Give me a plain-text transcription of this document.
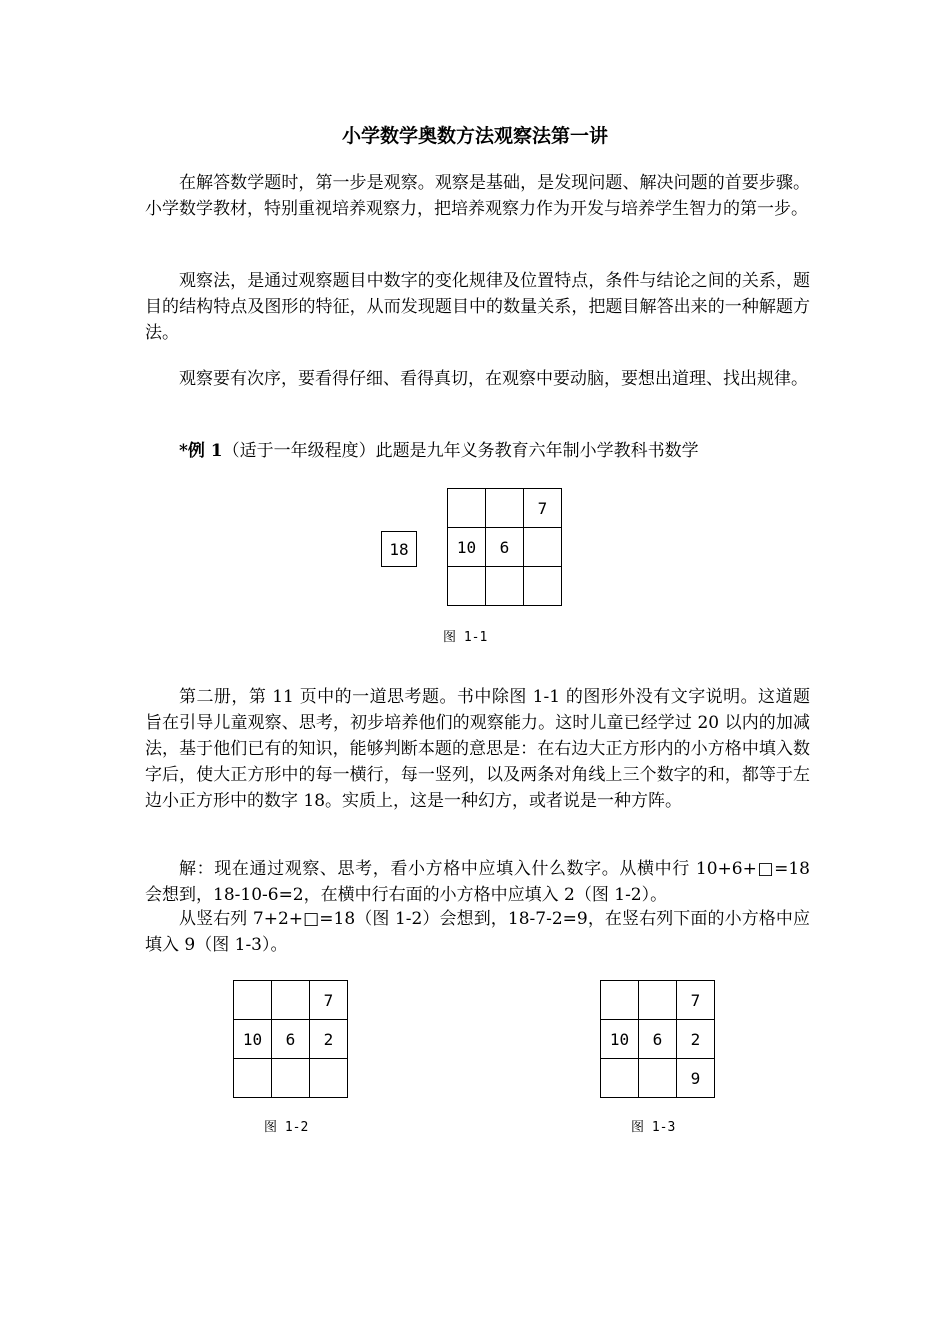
小学数学奥数方法观察法第一讲

在解答数学题时，第一步是观察。观察是基础，是发现问题、解决问题的首要步骤。小学数学教材，特别重视培养观察力，把培养观察力作为开发与培养学生智力的第一步。

观察法，是通过观察题目中数字的变化规律及位置特点，条件与结论之间的关系，题目的结构特点及图形的特征，从而发现题目中的数量关系，把题目解答出来的一种解题方法。

观察要有次序，要看得仔细、看得真切，在观察中要动脑，要想出道理、找出规律。

*例 1（适于一年级程度）此题是九年义务教育六年制小学教科书数学

18
		7
10	6	

图 1-1

第二册，第 11 页中的一道思考题。书中除图 1-1 的图形外没有文字说明。这道题旨在引导儿童观察、思考，初步培养他们的观察能力。这时儿童已经学过 20 以内的加减法，基于他们已有的知识，能够判断本题的意思是：在右边大正方形内的小方格中填入数字后，使大正方形中的每一横行，每一竖列，以及两条对角线上三个数字的和，都等于左边小正方形中的数字 18。实质上，这是一种幻方，或者说是一种方阵。

解：现在通过观察、思考，看小方格中应填入什么数字。从横中行 10+6+□=18 会想到，18-10-6=2，在横中行右面的小方格中应填入 2（图 1-2）。

从竖右列 7+2+□=18（图 1-2）会想到，18-7-2=9，在竖右列下面的小方格中应填入 9（图 1-3）。

		7
10	6	2

图 1-2
		7
10	6	2
		9
图 1-3
